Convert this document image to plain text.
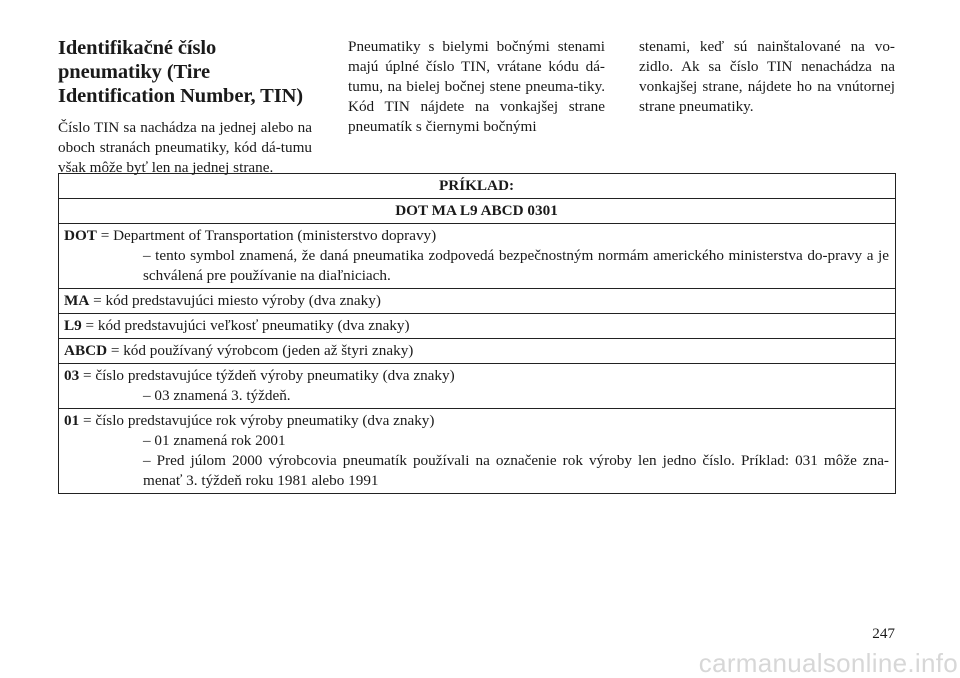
Identifikačné číslo pneumatiky (Tire Identification Number, TIN)

Číslo TIN sa nachádza na jednej alebo na oboch stranách pneumatiky, kód dá-tumu však môže byť len na jednej strane.

Pneumatiky s bielymi bočnými stenami majú úplné číslo TIN, vrátane kódu dá-tumu, na bielej bočnej stene pneuma-tiky. Kód TIN nájdete na vonkajšej strane pneumatík s čiernymi bočnými

stenami, keď sú nainštalované na vo-zidlo. Ak sa číslo TIN nenachádza na vonkajšej strane, nájdete ho na vnútornej strane pneumatiky.

PRÍKLAD:
DOT MA L9 ABCD 0301

DOT = Department of Transportation (ministerstvo dopravy)
– tento symbol znamená, že daná pneumatika zodpovedá bezpečnostným normám amerického ministerstva do-pravy a je schválená pre používanie na diaľniciach.

MA = kód predstavujúci miesto výroby (dva znaky)

L9 = kód predstavujúci veľkosť pneumatiky (dva znaky)

ABCD = kód používaný výrobcom (jeden až štyri znaky)

03 = číslo predstavujúce týždeň výroby pneumatiky (dva znaky)
– 03 znamená 3. týždeň.

01 = číslo predstavujúce rok výroby pneumatiky (dva znaky)
– 01 znamená rok 2001
– Pred júlom 2000 výrobcovia pneumatík používali na označenie rok výroby len jedno číslo. Príklad: 031 môže zna-menať 3. týždeň roku 1981 alebo 1991
247
carmanualsonline.info
